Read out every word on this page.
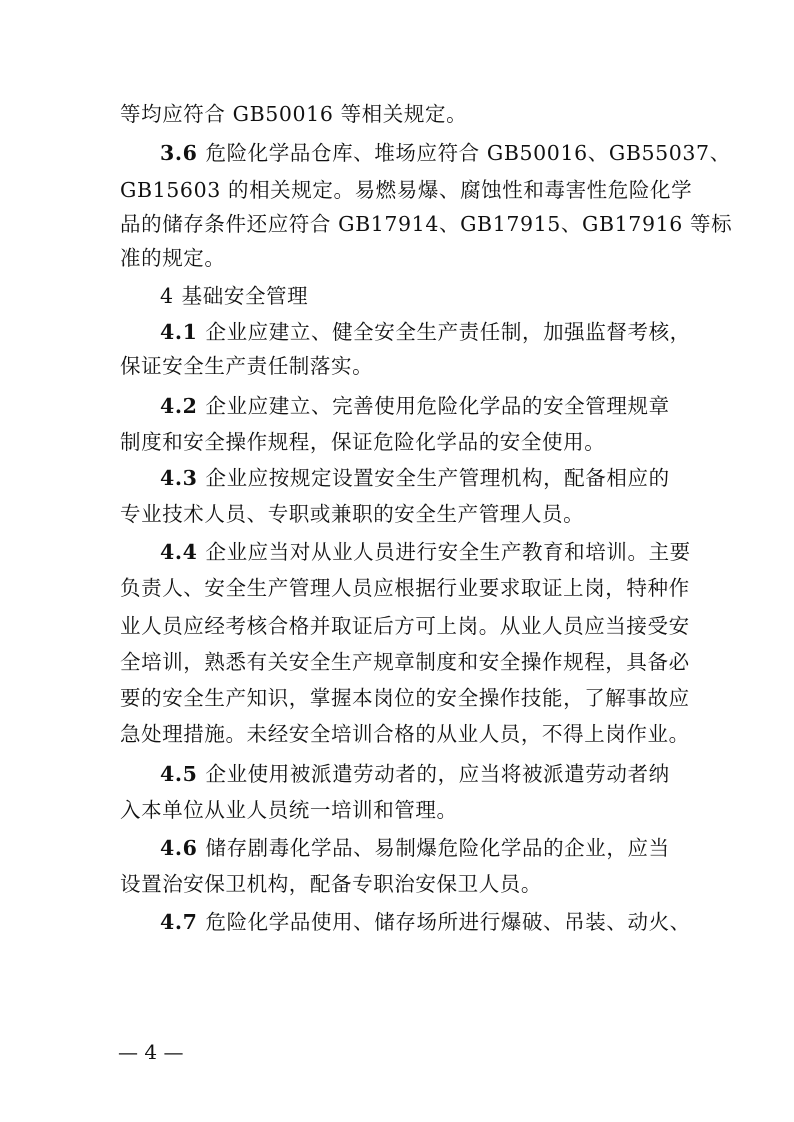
等均应符合 GB50016 等相关规定。
3.6 危险化学品仓库、堆场应符合 GB50016、GB55037、
GB15603 的相关规定。易燃易爆、腐蚀性和毒害性危险化学
品的储存条件还应符合 GB17914、GB17915、GB17916 等标
准的规定。
4 基础安全管理
4.1 企业应建立、健全安全生产责任制，加强监督考核，
保证安全生产责任制落实。
4.2 企业应建立、完善使用危险化学品的安全管理规章
制度和安全操作规程，保证危险化学品的安全使用。
4.3 企业应按规定设置安全生产管理机构，配备相应的
专业技术人员、专职或兼职的安全生产管理人员。
4.4 企业应当对从业人员进行安全生产教育和培训。主要
负责人、安全生产管理人员应根据行业要求取证上岗，特种作
业人员应经考核合格并取证后方可上岗。从业人员应当接受安
全培训，熟悉有关安全生产规章制度和安全操作规程，具备必
要的安全生产知识，掌握本岗位的安全操作技能，了解事故应
急处理措施。未经安全培训合格的从业人员，不得上岗作业。
4.5 企业使用被派遣劳动者的，应当将被派遣劳动者纳
入本单位从业人员统一培训和管理。
4.6 储存剧毒化学品、易制爆危险化学品的企业，应当
设置治安保卫机构，配备专职治安保卫人员。
4.7 危险化学品使用、储存场所进行爆破、吊装、动火、
— 4 —
